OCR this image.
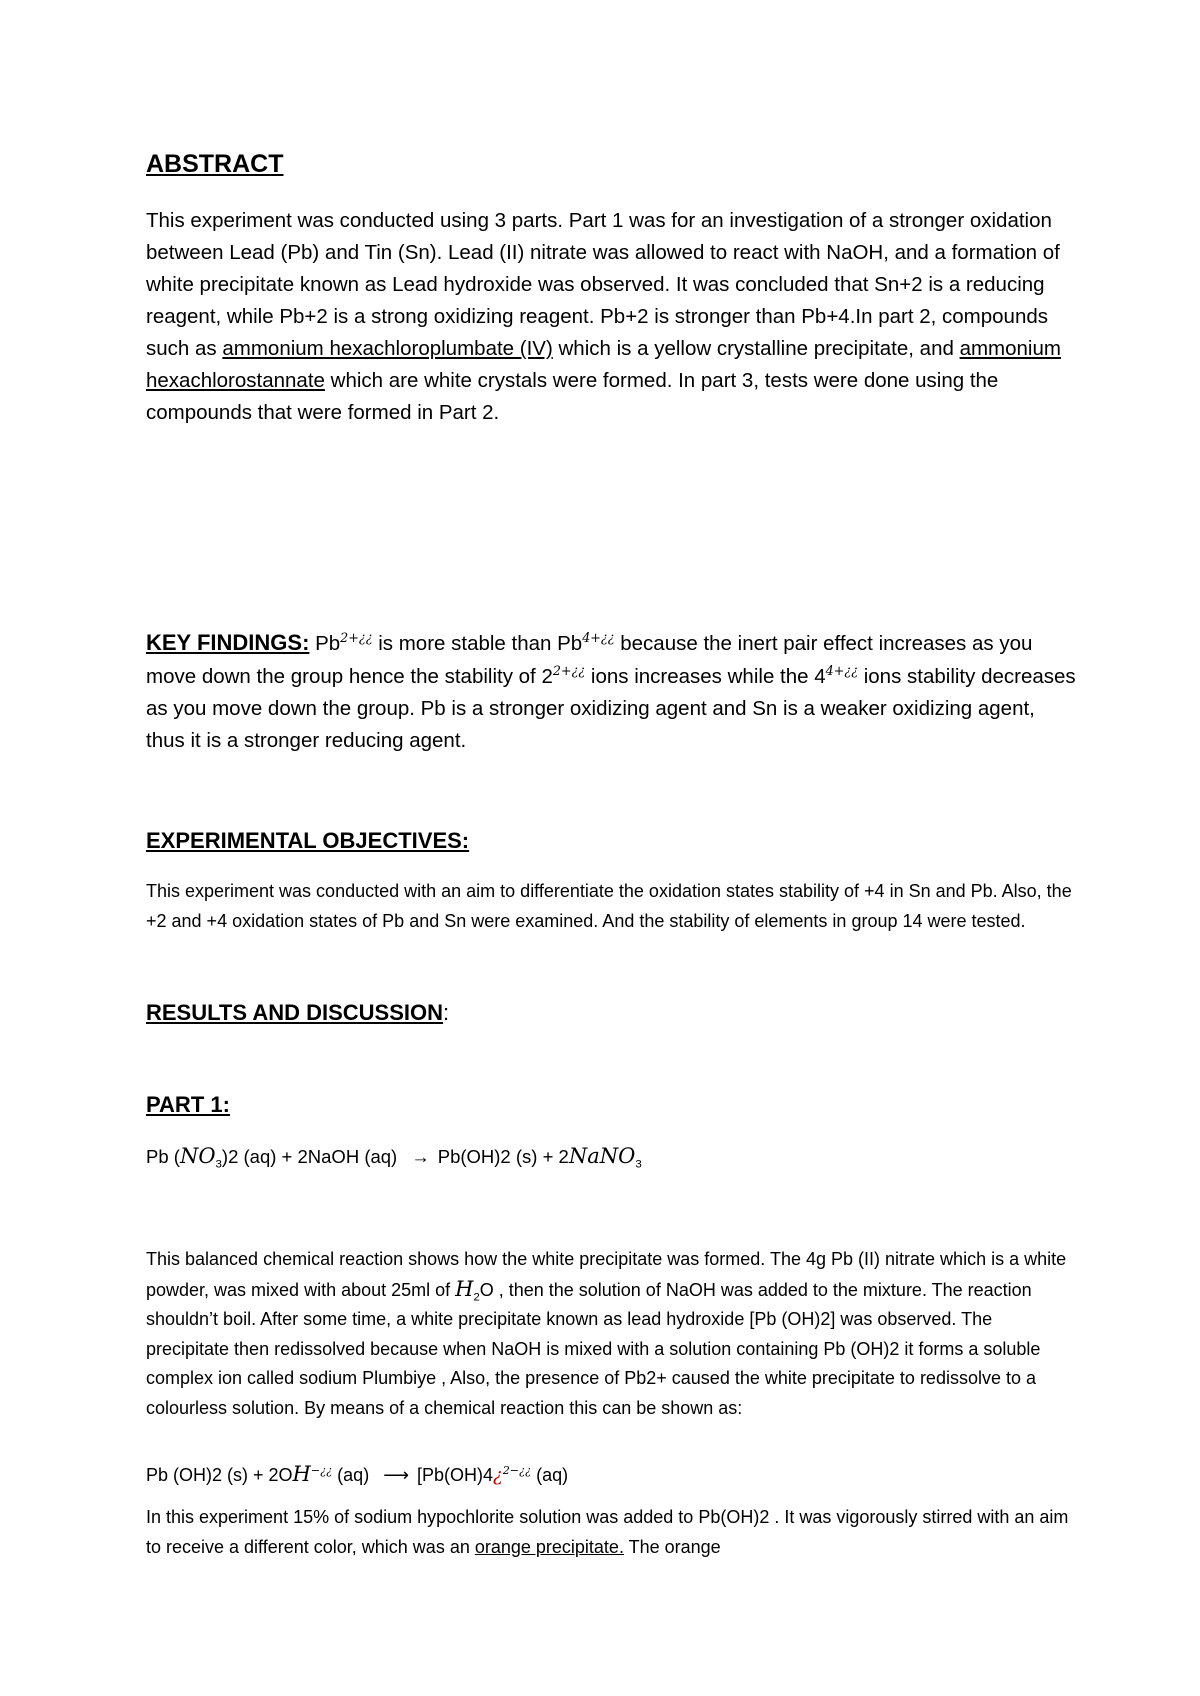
ABSTRACT
This experiment was conducted using 3 parts. Part 1 was for an investigation of a stronger oxidation between Lead (Pb) and Tin (Sn). Lead (II) nitrate was allowed to react with NaOH, and a formation of white precipitate known as Lead hydroxide was observed. It was concluded that Sn+2 is a reducing reagent, while Pb+2 is a strong oxidizing reagent. Pb+2 is stronger than Pb+4.In part 2, compounds such as ammonium hexachloroplumbate (IV) which is a yellow crystalline precipitate, and ammonium hexachlorostannate which are white crystals were formed. In part 3, tests were done using the compounds that were formed in Part 2.
KEY FINDINGS: $Pb^{2+¿¿}$ is more stable than $Pb^{4+¿¿}$ because the inert pair effect increases as you move down the group hence the stability of $2^{2+¿¿}$ ions increases while the $4^{4+¿¿}$ ions stability decreases as you move down the group. Pb is a stronger oxidizing agent and Sn is a weaker oxidizing agent, thus it is a stronger reducing agent.
EXPERIMENTAL OBJECTIVES:
This experiment was conducted with an aim to differentiate the oxidation states stability of +4 in Sn and Pb. Also, the +2 and +4 oxidation states of Pb and Sn were examined. And the stability of elements in group 14 were tested.
RESULTS AND DISCUSSION:
PART 1:
Pb $(NO_3)2$ (aq) + 2NaOH (aq) → Pb(OH)2 (s) + 2NaNO$_3$
This balanced chemical reaction shows how the white precipitate was formed. The 4g Pb (II) nitrate which is a white powder, was mixed with about 25ml of $H_2O$ , then the solution of NaOH was added to the mixture. The reaction shouldn’t boil. After some time, a white precipitate known as lead hydroxide [Pb (OH)2] was observed. The precipitate then redissolved because when NaOH is mixed with a solution containing Pb (OH)2 it forms a soluble complex ion called sodium Plumbiye , Also, the presence of Pb2+ caused the white precipitate to redissolve to a colourless solution. By means of a chemical reaction this can be shown as:
Pb (OH)2 (s) + 2OH−¿¿ (aq) ⟶ [Pb(OH)4¿$^{2-¿¿}$ (aq)
In this experiment 15% of sodium hypochlorite solution was added to Pb(OH)2 . It was vigorously stirred with an aim to receive a different color, which was an orange precipitate. The orange
